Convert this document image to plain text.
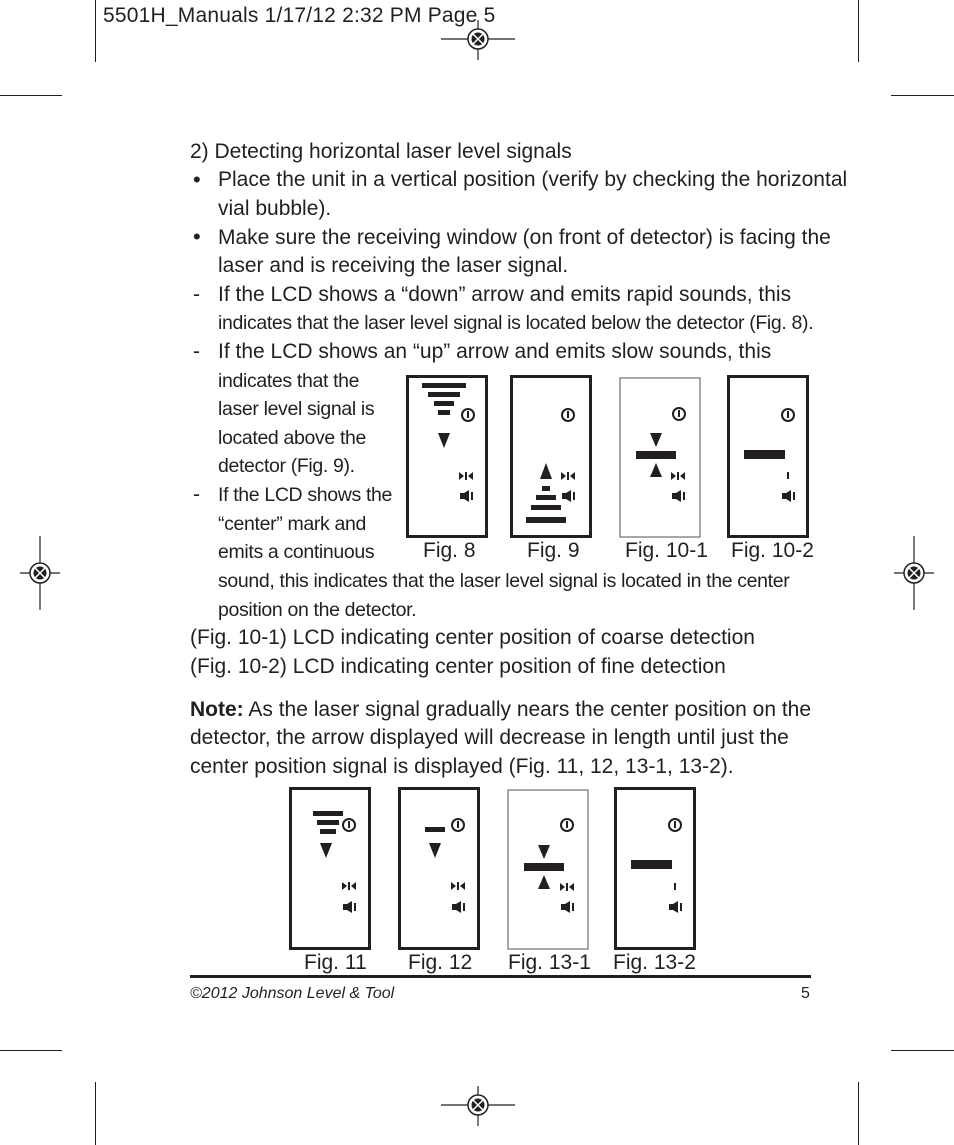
5501H_Manuals 1/17/12 2:32 PM Page 5
2) Detecting horizontal laser level signals
• Place the unit in a vertical position (verify by checking the horizontal
vial bubble).
• Make sure the receiving window (on front of detector) is facing the
laser and is receiving the laser signal.
- If the LCD shows a “down” arrow and emits rapid sounds, this
indicates that the laser level signal is located below the detector (Fig. 8).
- If the LCD shows an “up” arrow and emits slow sounds, this
indicates that the
laser level signal is
located above the
detector (Fig. 9).
- If the LCD shows the
“center” mark and
emits a continuous
sound, this indicates that the laser level signal is located in the center
position on the detector.
(Fig. 10-1) LCD indicating center position of coarse detection
(Fig. 10-2) LCD indicating center position of fine detection
Note: As the laser signal gradually nears the center position on the
detector, the arrow displayed will decrease in length until just the
center position signal is displayed (Fig. 11, 12, 13-1, 13-2).
Fig. 8 Fig. 9 Fig. 10-1 Fig. 10-2
Fig. 11 Fig. 12 Fig. 13-1 Fig. 13-2
©2012 Johnson Level & Tool	5
